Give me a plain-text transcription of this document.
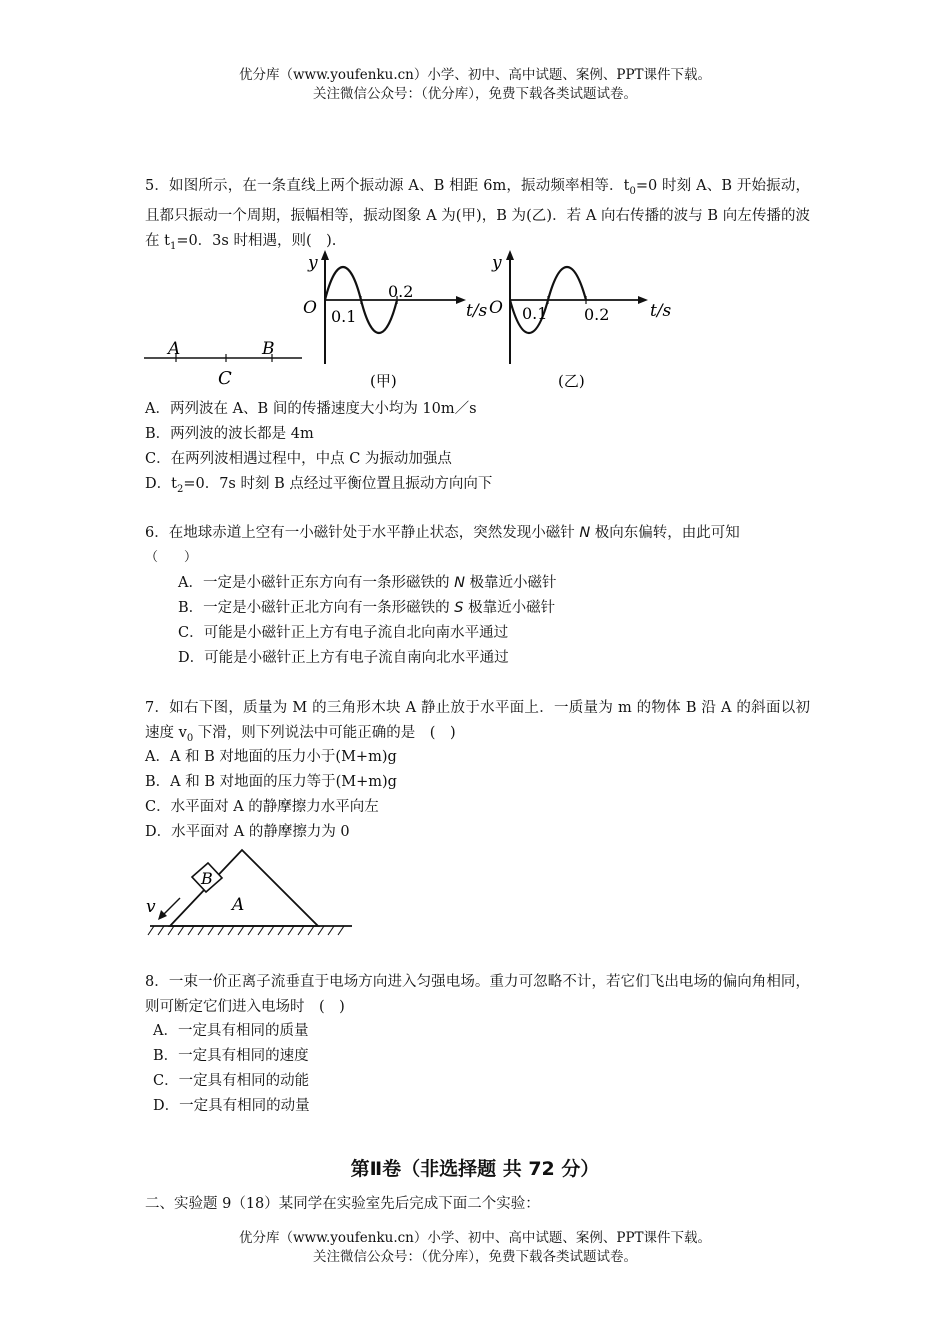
优分库（www.youfenku.cn）小学、初中、高中试题、案例、PPT课件下载。
关注微信公众号：（优分库），免费下载各类试题试卷。
5．如图所示，在一条直线上两个振动源 A、B 相距 6m，振动频率相等．$t_0=0$ 时刻 A、B 开始振动，且都只振动一个周期，振幅相等，振动图象 A 为(甲)，B 为(乙)．若 A 向右传播的波与 B 向左传播的波在 $t_1=0$．3s 时相遇，则(　).
A	B
C
y
O 0.1
0.2
t/s
(甲)
y
O 0.1 0.2 t/s
(乙)
A．两列波在 A、B 间的传播速度大小均为 10m／s
B．两列波的波长都是 4m
C．在两列波相遇过程中，中点 C 为振动加强点
D．$t_2=0$．7s 时刻 B 点经过平衡位置且振动方向向下
6．在地球赤道上空有一小磁针处于水平静止状态，突然发现小磁针 N 极向东偏转，由此可知
（　　）
A．一定是小磁针正东方向有一条形磁铁的 N 极靠近小磁针
B．一定是小磁针正北方向有一条形磁铁的 S 极靠近小磁针
C．可能是小磁针正上方有电子流自北向南水平通过
D．可能是小磁针正上方有电子流自南向北水平通过
7．如右下图，质量为 M 的三角形木块 A 静止放于水平面上．一质量为 m 的物体 B 沿 A 的斜面以初速度 $v_0$ 下滑，则下列说法中可能正确的是　(　)
A．A 和 B 对地面的压力小于(M+m)g
B．A 和 B 对地面的压力等于(M+m)g
C．水平面对 A 的静摩擦力水平向左
D．水平面对 A 的静摩擦力为 0
v
B
A
8．一束一价正离子流垂直于电场方向进入匀强电场。重力可忽略不计，若它们飞出电场的偏向角相同，则可断定它们进入电场时　(　)
A．一定具有相同的质量
B．一定具有相同的速度
C．一定具有相同的动能
D．一定具有相同的动量
第Ⅱ卷（非选择题 共 72 分）
二、实验题 9（18）某同学在实验室先后完成下面二个实验：
优分库（www.youfenku.cn）小学、初中、高中试题、案例、PPT课件下载。
关注微信公众号：（优分库），免费下载各类试题试卷。
